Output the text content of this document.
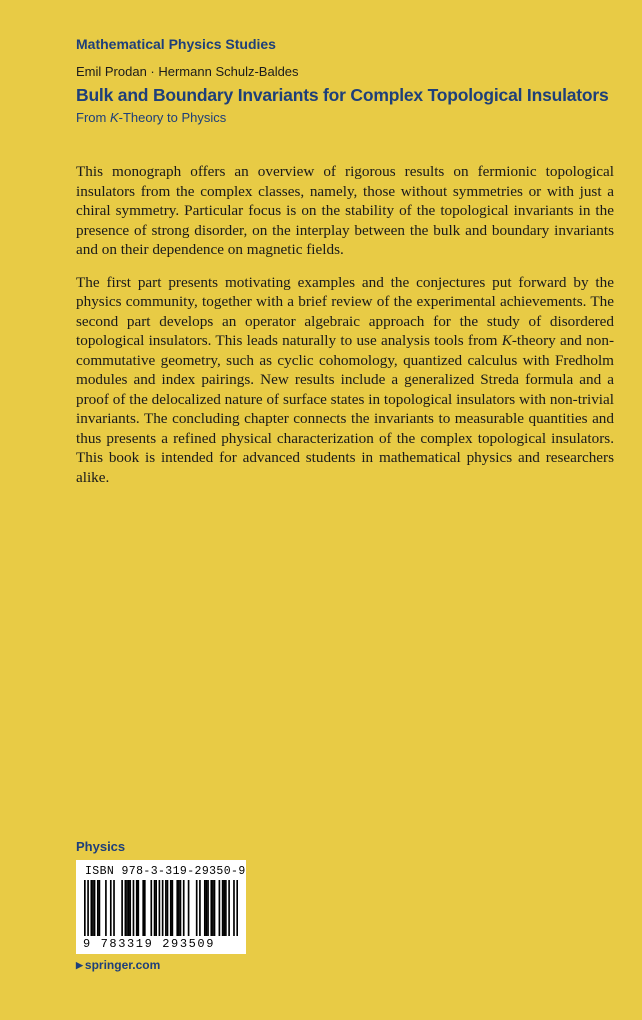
Mathematical Physics Studies
Emil Prodan · Hermann Schulz-Baldes
Bulk and Boundary Invariants for Complex Topological Insulators
From K-Theory to Physics

This monograph offers an overview of rigorous results on fermionic topological insulators from the complex classes, namely, those without symmetries or with just a chiral symmetry. Particular focus is on the stability of the topological invariants in the presence of strong disorder, on the interplay between the bulk and boundary invariants and on their dependence on magnetic fields.

The first part presents motivating examples and the conjectures put forward by the physics community, together with a brief review of the experimental achievements. The second part develops an operator algebraic approach for the study of disordered topological insulators. This leads naturally to use analysis tools from K-theory and non-commutative geometry, such as cyclic cohomology, quantized calculus with Fredholm modules and index pairings. New results include a generalized Streda formula and a proof of the delocalized nature of surface states in topological insulators with non-trivial invariants. The concluding chapter connects the invariants to measurable quantities and thus presents a refined physical characterization of the complex topological insulators. This book is intended for advanced students in mathematical physics and researchers alike.

Physics
ISBN 978-3-319-29350-9
9 783319 293509
▶ springer.com
